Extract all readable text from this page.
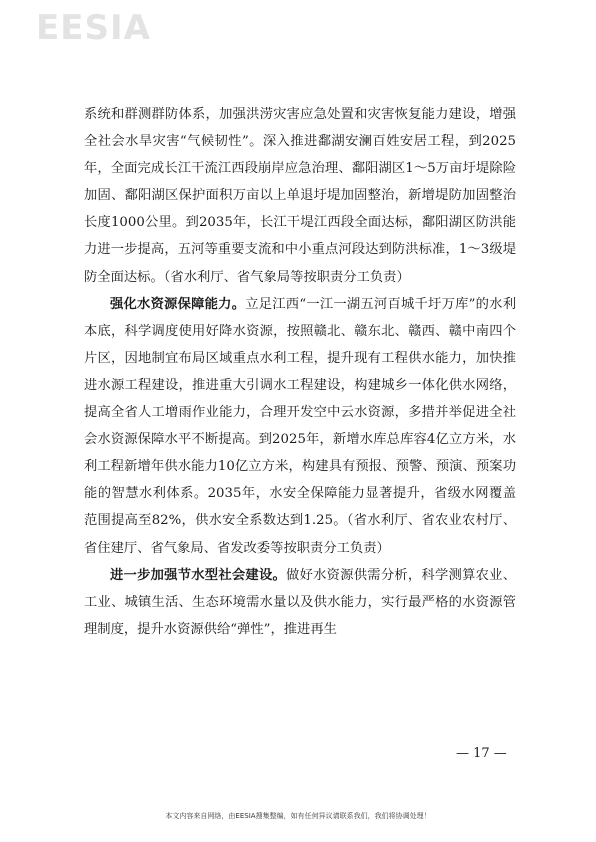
EESIA

系统和群测群防体系，加强洪涝灾害应急处置和灾害恢复能力建设，增强全社会水旱灾害“气候韧性”。深入推进鄱湖安澜百姓安居工程，到2025年，全面完成长江干流江西段崩岸应急治理、鄱阳湖区1～5万亩圩堤除险加固、鄱阳湖区保护面积万亩以上单退圩堤加固整治，新增堤防加固整治长度1000公里。到2035年，长江干堤江西段全面达标，鄱阳湖区防洪能力进一步提高，五河等重要支流和中小重点河段达到防洪标准，1～3级堤防全面达标。（省水利厅、省气象局等按职责分工负责）

强化水资源保障能力。立足江西“一江一湖五河百城千圩万库”的水利本底，科学调度使用好降水资源，按照赣北、赣东北、赣西、赣中南四个片区，因地制宜布局区域重点水利工程，提升现有工程供水能力，加快推进水源工程建设，推进重大引调水工程建设，构建城乡一体化供水网络，提高全省人工增雨作业能力，合理开发空中云水资源，多措并举促进全社会水资源保障水平不断提高。到2025年，新增水库总库容4亿立方米，水利工程新增年供水能力10亿立方米，构建具有预报、预警、预演、预案功能的智慧水利体系。2035年，水安全保障能力显著提升，省级水网覆盖范围提高至82%，供水安全系数达到1.25。（省水利厅、省农业农村厅、省住建厅、省气象局、省发改委等按职责分工负责）

进一步加强节水型社会建设。做好水资源供需分析，科学测算农业、工业、城镇生活、生态环境需水量以及供水能力，实行最严格的水资源管理制度，提升水资源供给“弹性”，推进再生

— 17 —
本文内容来自网络，由EESIA搜集整编，如有任何异议请联系我们，我们将协调处理！
